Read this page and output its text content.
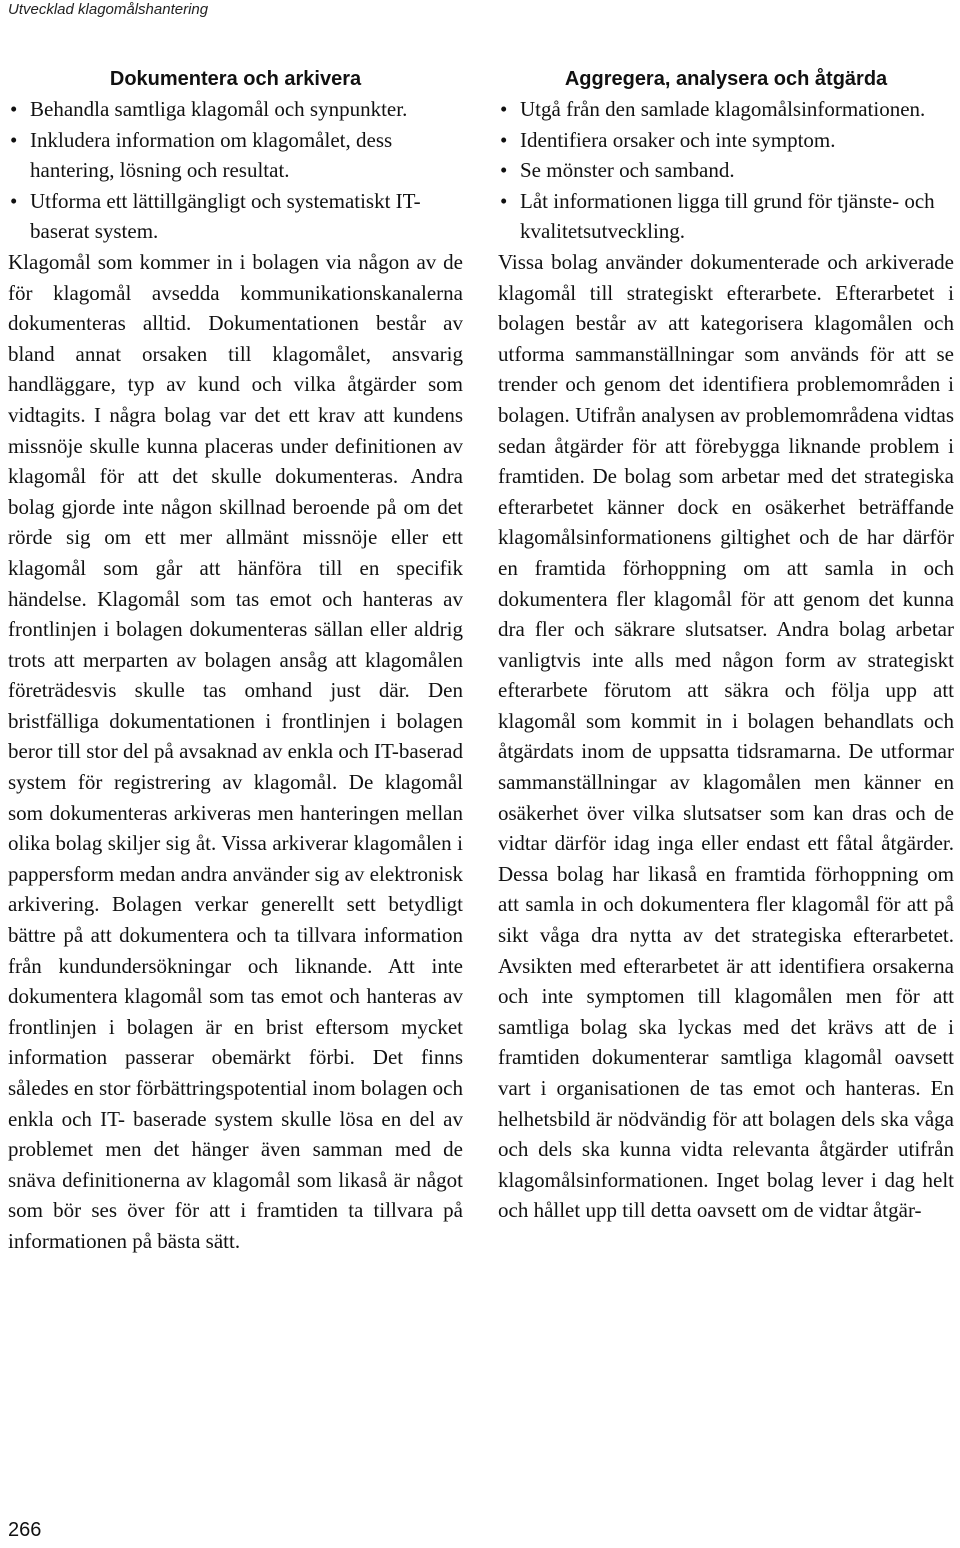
Utvecklad klagomålshantering
Dokumentera och arkivera
• Behandla samtliga klagomål och synpunkter.
• Inkludera information om klagomålet, dess hantering, lösning och resultat.
• Utforma ett lättillgängligt och systematiskt IT- baserat system.

Klagomål som kommer in i bolagen via någon av de för klagomål avsedda kommunikationskanalerna dokumenteras alltid. Dokumentationen består av bland annat orsaken till klagomålet, ansvarig handläggare, typ av kund och vilka åtgärder som vidtagits. I några bolag var det ett krav att kundens missnöje skulle kunna placeras under definitionen av klagomål för att det skulle dokumenteras. Andra bolag gjorde inte någon skillnad beroende på om det rörde sig om ett mer allmänt missnöje eller ett klagomål som går att hänföra till en specifik händelse. Klagomål som tas emot och hanteras av frontlinjen i bolagen dokumenteras sällan eller aldrig trots att merparten av bolagen ansåg att klagomålen företrädesvis skulle tas omhand just där. Den bristfälliga dokumentationen i frontlinjen i bolagen beror till stor del på avsaknad av enkla och IT-baserad system för registrering av klagomål. De klagomål som dokumenteras arkiveras men hanteringen mellan olika bolag skiljer sig åt. Vissa arkiverar klagomålen i pappersform medan andra använder sig av elektronisk arkivering. Bolagen verkar generellt sett betydligt bättre på att dokumentera och ta tillvara information från kundundersökningar och liknande. Att inte dokumentera klagomål som tas emot och hanteras av frontlinjen i bolagen är en brist eftersom mycket information passerar obemärkt förbi. Det finns således en stor förbättringspotential inom bolagen och enkla och IT- baserade system skulle lösa en del av problemet men det hänger även samman med de snäva definitionerna av klagomål som likaså är något som bör ses över för att i framtiden ta tillvara på informationen på bästa sätt.

Aggregera, analysera och åtgärda
• Utgå från den samlade klagomålsinformationen.
• Identifiera orsaker och inte symptom.
• Se mönster och samband.
• Låt informationen ligga till grund för tjänste- och kvalitetsutveckling.

Vissa bolag använder dokumenterade och arkiverade klagomål till strategiskt efterarbete. Efterarbetet i bolagen består av att kategorisera klagomålen och utforma sammanställningar som används för att se trender och genom det identifiera problemområden i bolagen. Utifrån analysen av problemområdena vidtas sedan åtgärder för att förebygga liknande problem i framtiden. De bolag som arbetar med det strategiska efterarbetet känner dock en osäkerhet beträffande klagomålsinformationens giltighet och de har därför en framtida förhoppning om att samla in och dokumentera fler klagomål för att genom det kunna dra fler och säkrare slutsatser. Andra bolag arbetar vanligtvis inte alls med någon form av strategiskt efterarbete förutom att säkra och följa upp att klagomål som kommit in i bolagen behandlats och åtgärdats inom de uppsatta tidsramarna. De utformar sammanställningar av klagomålen men känner en osäkerhet över vilka slutsatser som kan dras och de vidtar därför idag inga eller endast ett fåtal åtgärder. Dessa bolag har likaså en framtida förhoppning om att samla in och dokumentera fler klagomål för att på sikt våga dra nytta av det strategiska efterarbetet. Avsikten med efterarbetet är att identifiera orsakerna och inte symptomen till klagomålen men för att samtliga bolag ska lyckas med det krävs att de i framtiden dokumenterar samtliga klagomål oavsett vart i organisationen de tas emot och hanteras. En helhetsbild är nödvändig för att bolagen dels ska våga och dels ska kunna vidta relevanta åtgärder utifrån klagomålsinformationen. Inget bolag lever i dag helt och hållet upp till detta oavsett om de vidtar åtgär-

266
